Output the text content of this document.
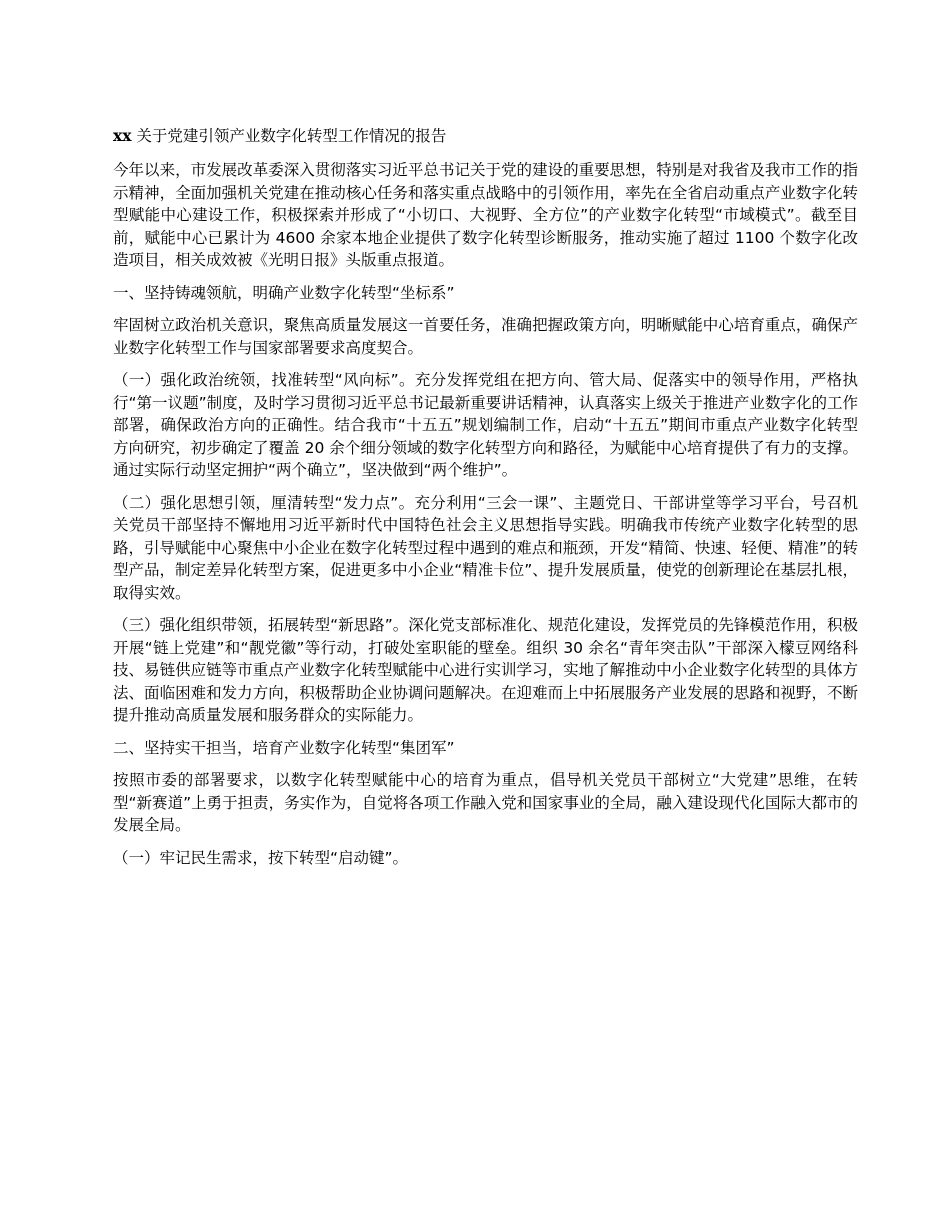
xx 关于党建引领产业数字化转型工作情况的报告

今年以来，市发展改革委深入贯彻落实习近平总书记关于党的建设的重要思想，特别是对我省及我市工作的指示精神，全面加强机关党建在推动核心任务和落实重点战略中的引领作用，率先在全省启动重点产业数字化转型赋能中心建设工作，积极探索并形成了“小切口、大视野、全方位”的产业数字化转型“市域模式”。截至目前，赋能中心已累计为 4600 余家本地企业提供了数字化转型诊断服务，推动实施了超过 1100 个数字化改造项目，相关成效被《光明日报》头版重点报道。

一、坚持铸魂领航，明确产业数字化转型“坐标系”

牢固树立政治机关意识，聚焦高质量发展这一首要任务，准确把握政策方向，明晰赋能中心培育重点，确保产业数字化转型工作与国家部署要求高度契合。

（一）强化政治统领，找准转型“风向标”。充分发挥党组在把方向、管大局、促落实中的领导作用，严格执行“第一议题”制度，及时学习贯彻习近平总书记最新重要讲话精神，认真落实上级关于推进产业数字化的工作部署，确保政治方向的正确性。结合我市“十五五”规划编制工作，启动“十五五”期间市重点产业数字化转型方向研究，初步确定了覆盖 20 余个细分领域的数字化转型方向和路径，为赋能中心培育提供了有力的支撑。通过实际行动坚定拥护“两个确立”，坚决做到“两个维护”。

（二）强化思想引领，厘清转型“发力点”。充分利用“三会一课”、主题党日、干部讲堂等学习平台，号召机关党员干部坚持不懈地用习近平新时代中国特色社会主义思想指导实践。明确我市传统产业数字化转型的思路，引导赋能中心聚焦中小企业在数字化转型过程中遇到的难点和瓶颈，开发“精简、快速、轻便、精准”的转型产品，制定差异化转型方案，促进更多中小企业“精准卡位”、提升发展质量，使党的创新理论在基层扎根，取得实效。

（三）强化组织带领，拓展转型“新思路”。深化党支部标准化、规范化建设，发挥党员的先锋模范作用，积极开展“链上党建”和“靓党徽”等行动，打破处室职能的壁垒。组织 30 余名“青年突击队”干部深入檬豆网络科技、易链供应链等市重点产业数字化转型赋能中心进行实训学习，实地了解推动中小企业数字化转型的具体方法、面临困难和发力方向，积极帮助企业协调问题解决。在迎难而上中拓展服务产业发展的思路和视野，不断提升推动高质量发展和服务群众的实际能力。

二、坚持实干担当，培育产业数字化转型“集团军”

按照市委的部署要求，以数字化转型赋能中心的培育为重点，倡导机关党员干部树立“大党建”思维，在转型“新赛道”上勇于担责，务实作为，自觉将各项工作融入党和国家事业的全局，融入建设现代化国际大都市的发展全局。

（一）牢记民生需求，按下转型“启动键”。
